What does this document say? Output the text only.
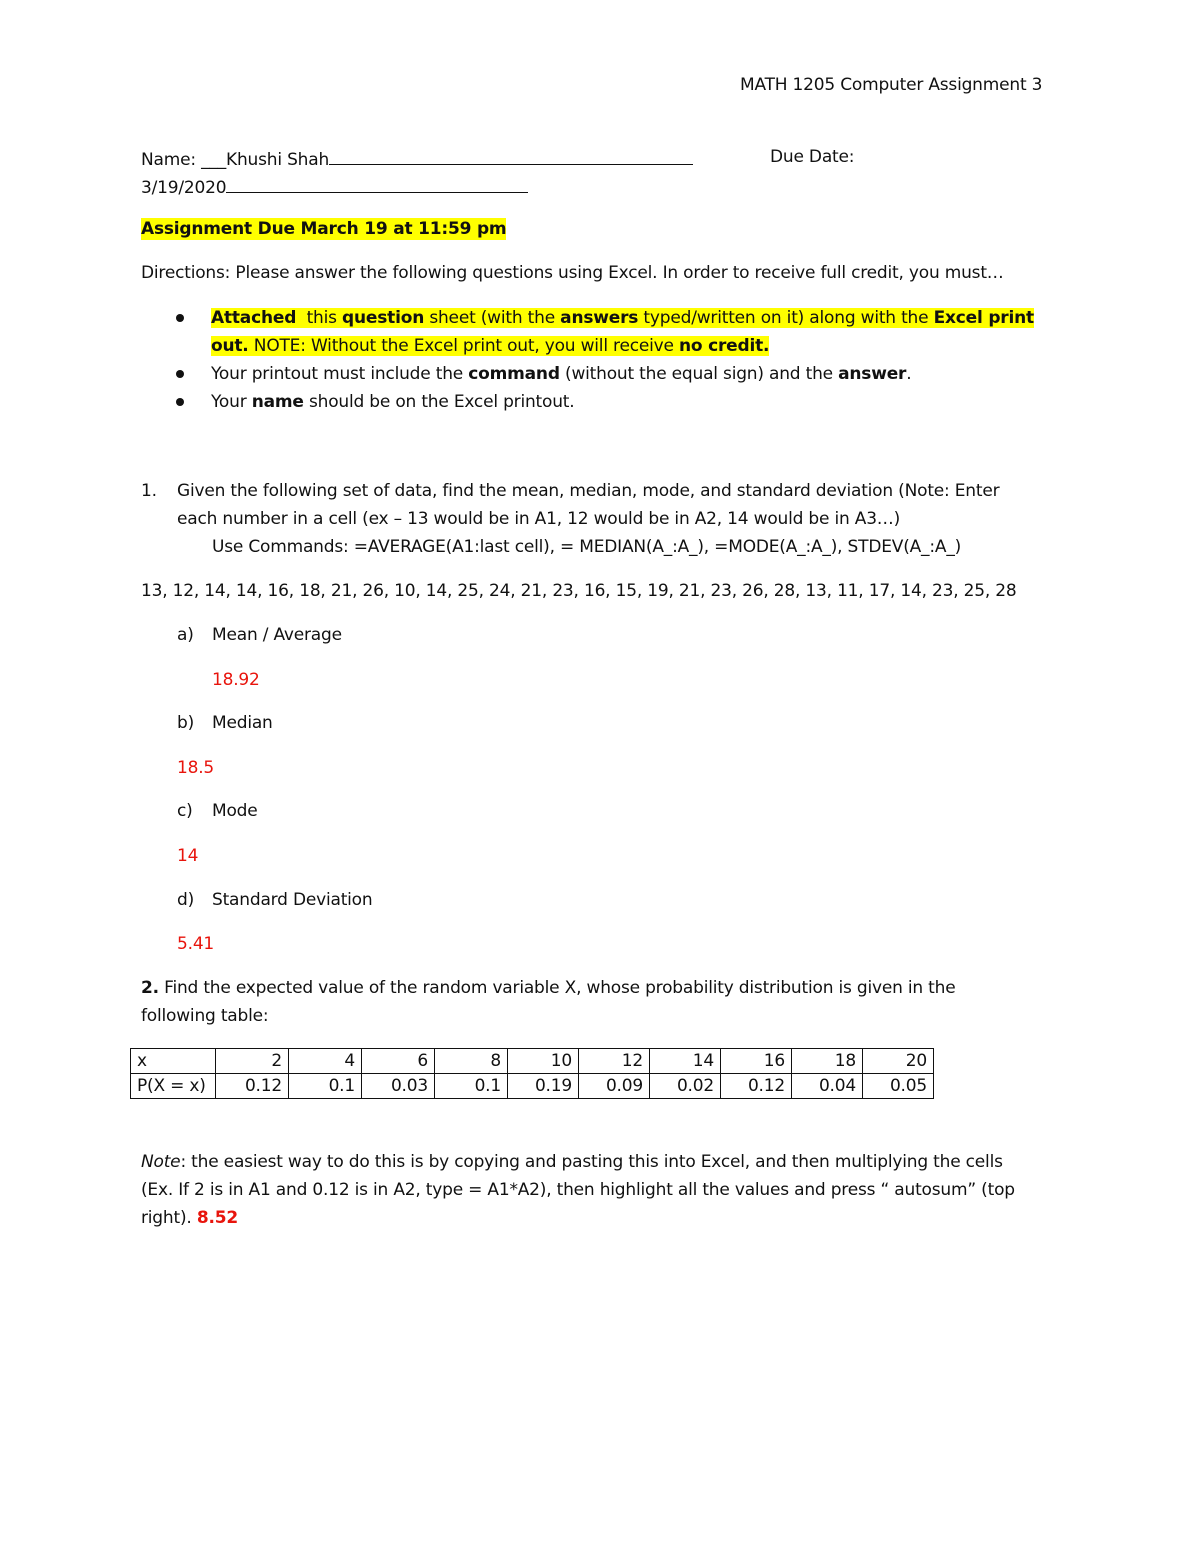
MATH 1205 Computer Assignment 3
Name: ___Khushi Shah	Due Date:
3/19/2020
Assignment Due March 19 at 11:59 pm
Directions: Please answer the following questions using Excel. In order to receive full credit, you must…
Attached this question sheet (with the answers typed/written on it) along with the Excel print
out. NOTE: Without the Excel print out, you will receive no credit.
Your printout must include the command (without the equal sign) and the answer.
Your name should be on the Excel printout.
1. Given the following set of data, find the mean, median, mode, and standard deviation (Note: Enter
each number in a cell (ex – 13 would be in A1, 12 would be in A2, 14 would be in A3…)
Use Commands: =AVERAGE(A1:last cell), = MEDIAN(A_:A_), =MODE(A_:A_), STDEV(A_:A_)
13, 12, 14, 14, 16, 18, 21, 26, 10, 14, 25, 24, 21, 23, 16, 15, 19, 21, 23, 26, 28, 13, 11, 17, 14, 23, 25, 28
a) Mean / Average
18.92
b) Median
18.5
c) Mode
14
d) Standard Deviation
5.41
2. Find the expected value of the random variable X, whose probability distribution is given in the
following table:
x	2	4	6	8	10	12	14	16	18	20
P(X = x)	0.12	0.1	0.03	0.1	0.19	0.09	0.02	0.12	0.04	0.05
Note: the easiest way to do this is by copying and pasting this into Excel, and then multiplying the cells
(Ex. If 2 is in A1 and 0.12 is in A2, type = A1*A2), then highlight all the values and press “ autosum” (top
right). 8.52
